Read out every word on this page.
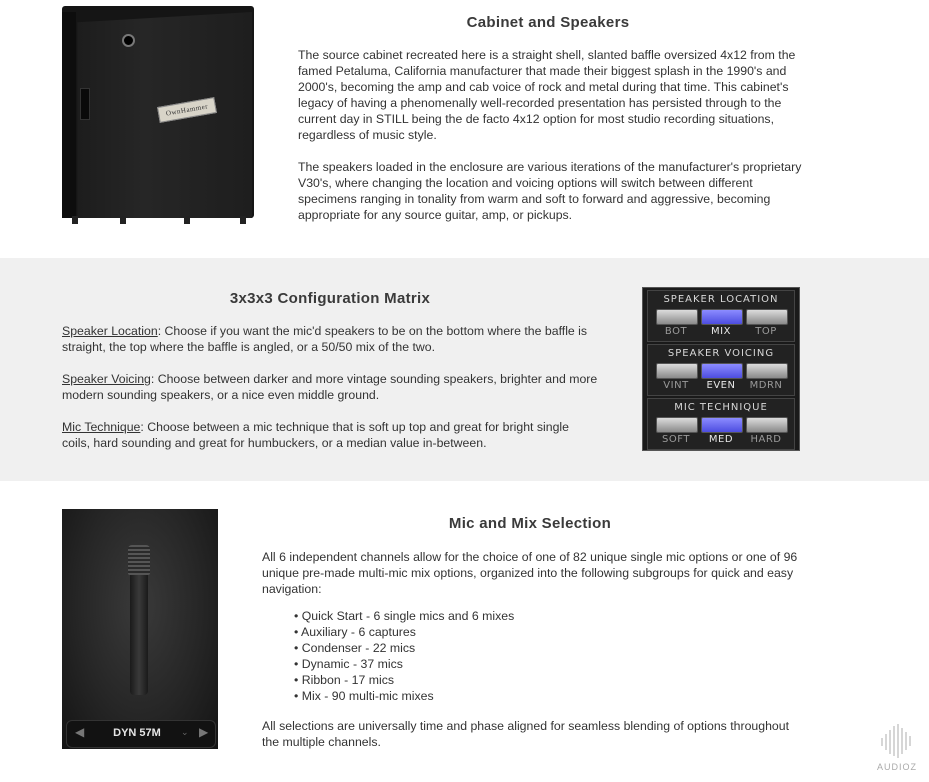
OwnHammer
Cabinet and Speakers

The source cabinet recreated here is a straight shell, slanted baffle oversized 4x12 from the famed Petaluma, California manufacturer that made their biggest splash in the 1990's and 2000's, becoming the amp and cab voice of rock and metal during that time. This cabinet's legacy of having a phenomenally well-recorded presentation has persisted through to the current day in STILL being the de facto 4x12 option for most studio recording situations, regardless of music style.

The speakers loaded in the enclosure are various iterations of the manufacturer's proprietary V30's, where changing the location and voicing options will switch between different specimens ranging in tonality from warm and soft to forward and aggressive, becoming appropriate for any source guitar, amp, or pickups.

3x3x3 Configuration Matrix

Speaker Location: Choose if you want the mic'd speakers to be on the bottom where the baffle is straight, the top where the baffle is angled, or a 50/50 mix of the two.

Speaker Voicing: Choose between darker and more vintage sounding speakers, brighter and more modern sounding speakers, or a nice even middle ground.

Mic Technique: Choose between a mic technique that is soft up top and great for bright single coils, hard sounding and great for humbuckers, or a median value in-between.

SPEAKER LOCATION
BOT	MIX	TOP
SPEAKER VOICING
VINT	EVEN	MDRN
MIC TECHNIQUE
SOFT	MED	HARD
Mic and Mix Selection

All 6 independent channels allow for the choice of one of 82 unique single mic options or one of 96 unique pre-made multi-mic mix options, organized into the following subgroups for quick and easy navigation:

• Quick Start - 6 single mics and 6 mixes
• Auxiliary - 6 captures
• Condenser - 22 mics
• Dynamic - 37 mics
• Ribbon - 17 mics
• Mix - 90 multi-mic mixes

All selections are universally time and phase aligned for seamless blending of options throughout the multiple channels.

◀	DYN 57M	⌄ ▶
AUDIOZ
